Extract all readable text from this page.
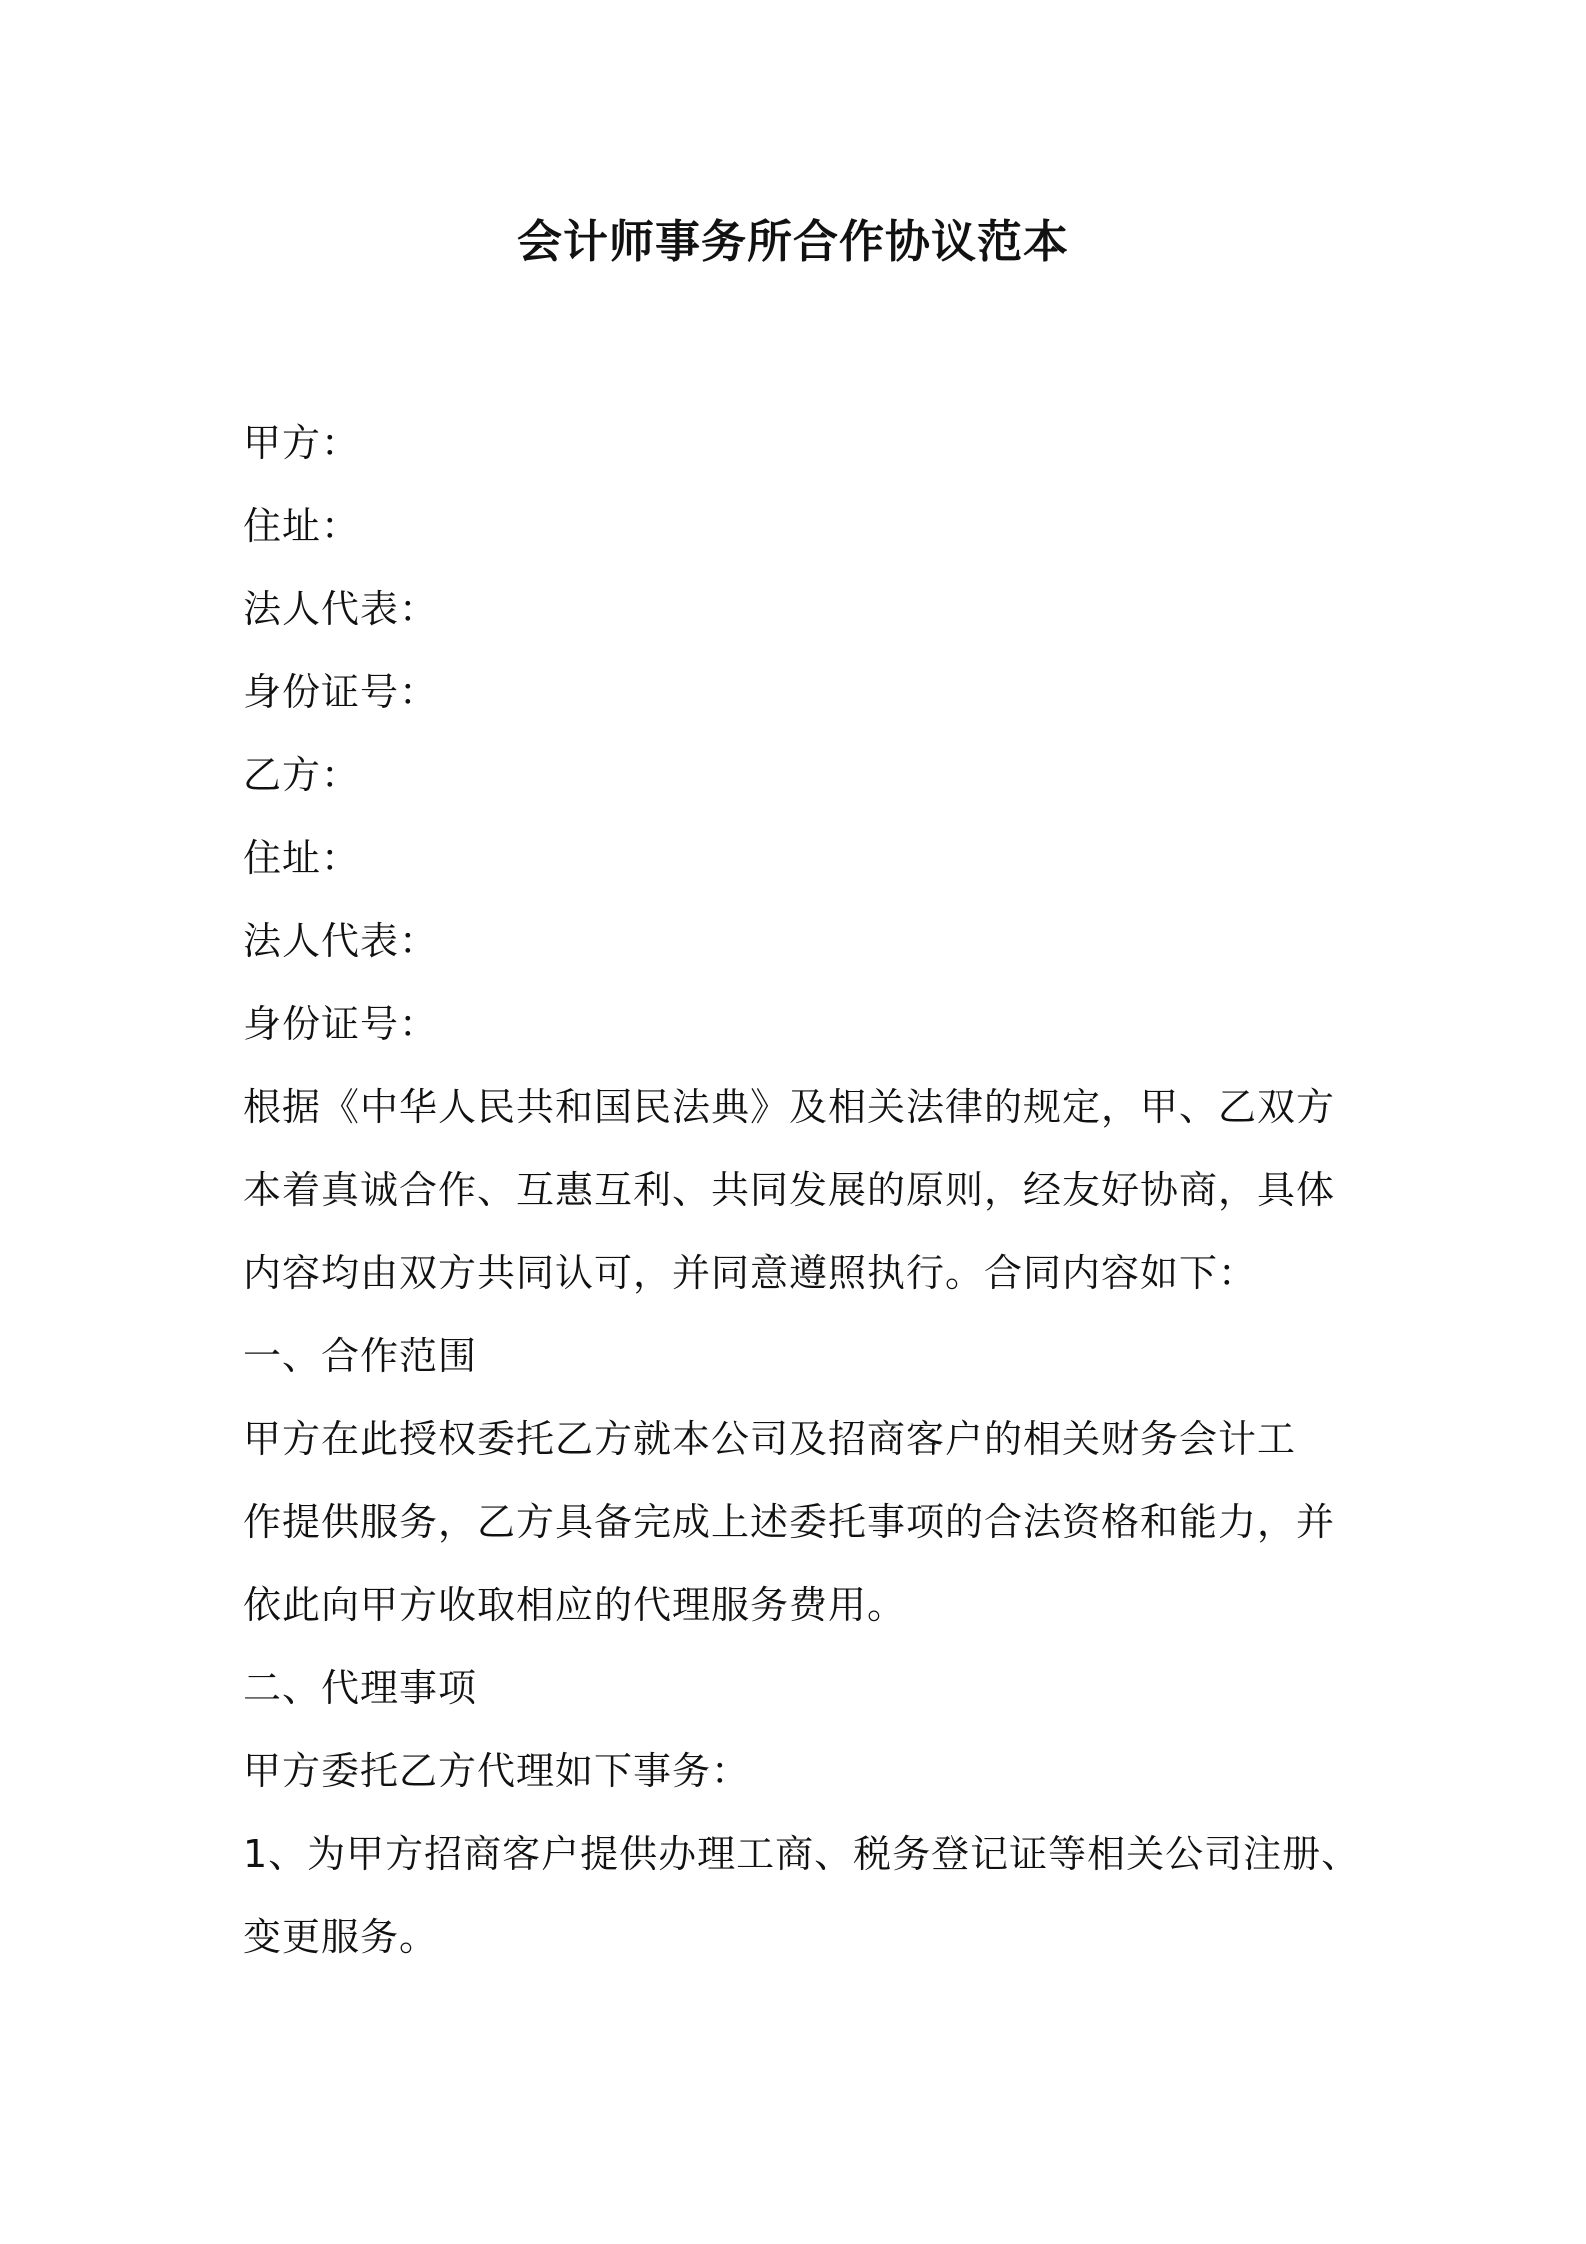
会计师事务所合作协议范本
甲方：
住址：
法人代表：
身份证号：
乙方：
住址：
法人代表：
身份证号：
根据《中华人民共和国民法典》及相关法律的规定，甲、乙双方
本着真诚合作、互惠互利、共同发展的原则，经友好协商，具体
内容均由双方共同认可，并同意遵照执行。合同内容如下：
一、合作范围
甲方在此授权委托乙方就本公司及招商客户的相关财务会计工
作提供服务，乙方具备完成上述委托事项的合法资格和能力，并
依此向甲方收取相应的代理服务费用。
二、代理事项
甲方委托乙方代理如下事务：
1、为甲方招商客户提供办理工商、税务登记证等相关公司注册、
变更服务。
